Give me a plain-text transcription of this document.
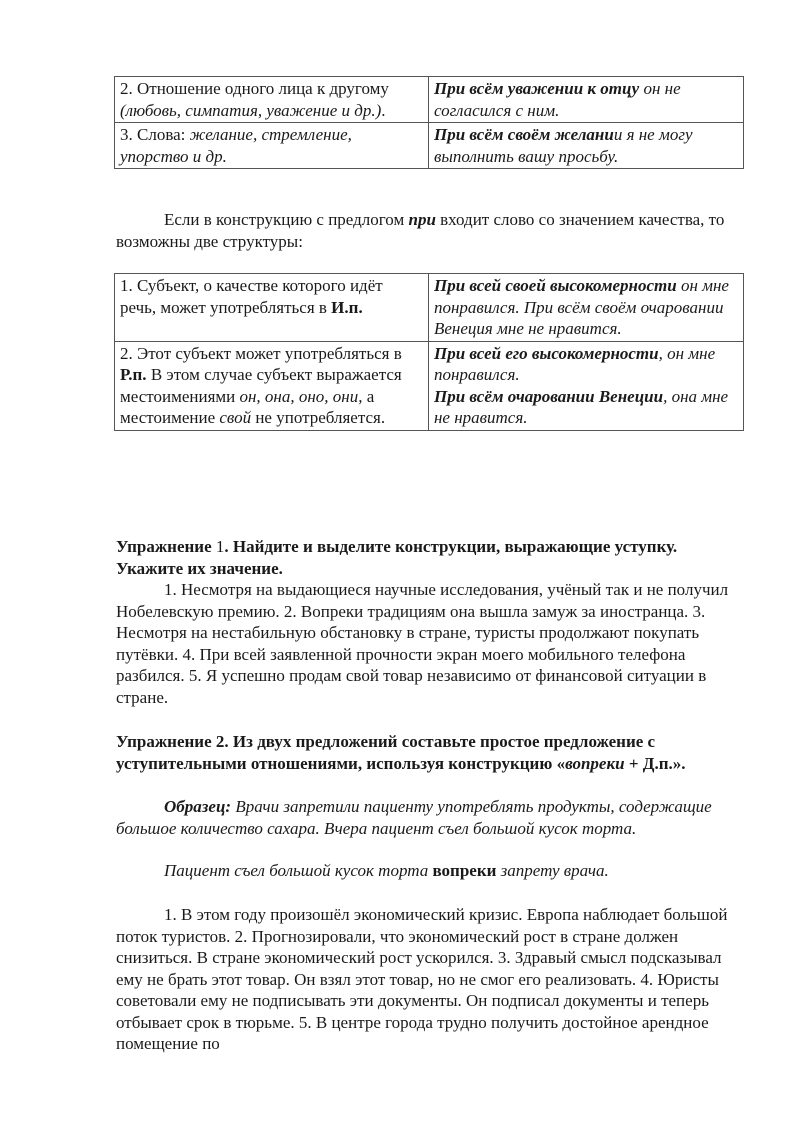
2. Отношение одного лица к другому (любовь, симпатия, уважение и др.).	При всём уважении к отцу он не согласился с ним.
3. Слова: желание, стремление, упорство и др.	При всём своём желании я не могу выполнить вашу просьбу.
Если в конструкцию с предлогом при входит слово со значением качества, то возможны две структуры:
1. Субъект, о качестве которого идёт речь, может употребляться в И.п.	При всей своей высокомерности он мне понравился. При всём своём очаровании Венеция мне не нравится.
2. Этот субъект может употребляться в Р.п. В этом случае субъект выражается местоимениями он, она, оно, они, а местоимение свой не употребляется.	При всей его высокомерности, он мне понравился.
При всём очаровании Венеции, она мне не нравится.
Упражнение 1. Найдите и выделите конструкции, выражающие уступку. Укажите их значение.
1. Несмотря на выдающиеся научные исследования, учёный так и не получил Нобелевскую премию. 2. Вопреки традициям она вышла замуж за иностранца. 3. Несмотря на нестабильную обстановку в стране, туристы продолжают покупать путёвки. 4. При всей заявленной прочности экран моего мобильного телефона разбился. 5. Я успешно продам свой товар независимо от финансовой ситуации в стране.
Упражнение 2. Из двух предложений составьте простое предложение с уступительными отношениями, используя конструкцию «вопреки + Д.п.».
Образец: Врачи запретили пациенту употреблять продукты, содержащие большое количество сахара. Вчера пациент съел большой кусок торта.
Пациент съел большой кусок торта вопреки запрету врача.
1. В этом году произошёл экономический кризис. Европа наблюдает большой поток туристов. 2. Прогнозировали, что экономический рост в стране должен снизиться. В стране экономический рост ускорился. 3. Здравый смысл подсказывал ему не брать этот товар. Он взял этот товар, но не смог его реализовать. 4. Юристы советовали ему не подписывать эти документы. Он подписал документы и теперь отбывает срок в тюрьме. 5. В центре города трудно получить достойное арендное помещение по
